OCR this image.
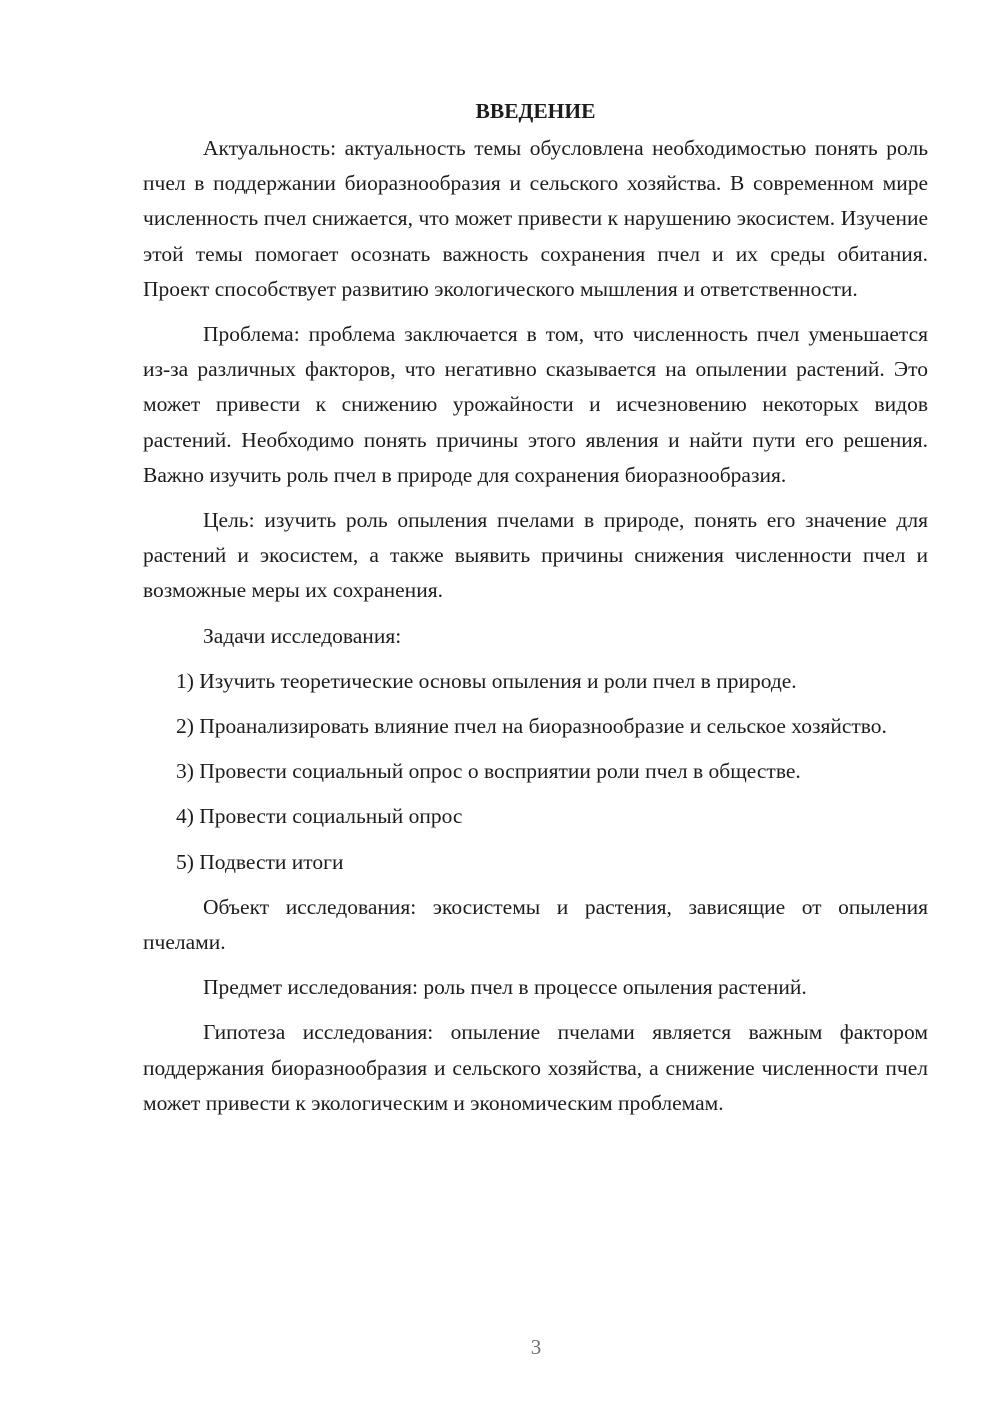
ВВЕДЕНИЕ

Актуальность: актуальность темы обусловлена необходимостью понять роль пчел в поддержании биоразнообразия и сельского хозяйства. В современном мире численность пчел снижается, что может привести к нарушению экосистем. Изучение этой темы помогает осознать важность сохранения пчел и их среды обитания. Проект способствует развитию экологического мышления и ответственности.

Проблема: проблема заключается в том, что численность пчел уменьшается из-за различных факторов, что негативно сказывается на опылении растений. Это может привести к снижению урожайности и исчезновению некоторых видов растений. Необходимо понять причины этого явления и найти пути его решения. Важно изучить роль пчел в природе для сохранения биоразнообразия.

Цель: изучить роль опыления пчелами в природе, понять его значение для растений и экосистем, а также выявить причины снижения численности пчел и возможные меры их сохранения.

Задачи исследования:

1) Изучить теоретические основы опыления и роли пчел в природе.

2) Проанализировать влияние пчел на биоразнообразие и сельское хозяйство.

3) Провести социальный опрос о восприятии роли пчел в обществе.

4) Провести социальный опрос

5) Подвести итоги

Объект исследования: экосистемы и растения, зависящие от опыления пчелами.

Предмет исследования: роль пчел в процессе опыления растений.

Гипотеза исследования: опыление пчелами является важным фактором поддержания биоразнообразия и сельского хозяйства, а снижение численности пчел может привести к экологическим и экономическим проблемам.

3
